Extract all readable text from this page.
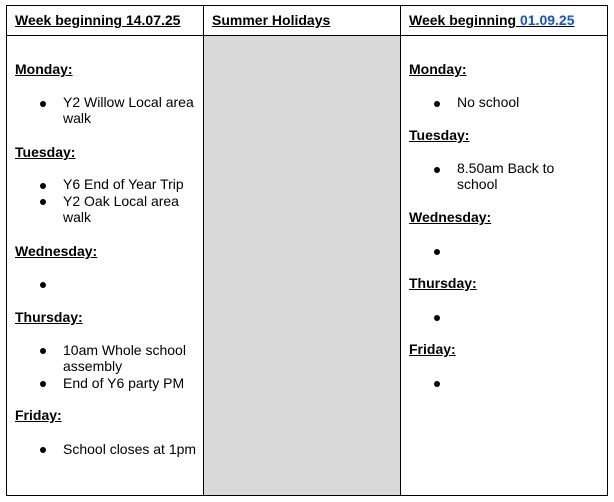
Week beginning 14.07.25
Monday:
Y2 Willow Local area walk
Tuesday:
Y6 End of Year Trip
Y2 Oak Local area walk
Wednesday:
Thursday:
10am Whole school assembly
End of Y6 party PM
Friday:
School closes at 1pm
Summer Holidays	Week beginning 01.09.25
Monday:
No school
Tuesday:
8.50am Back to school
Wednesday:
Thursday:
Friday:
